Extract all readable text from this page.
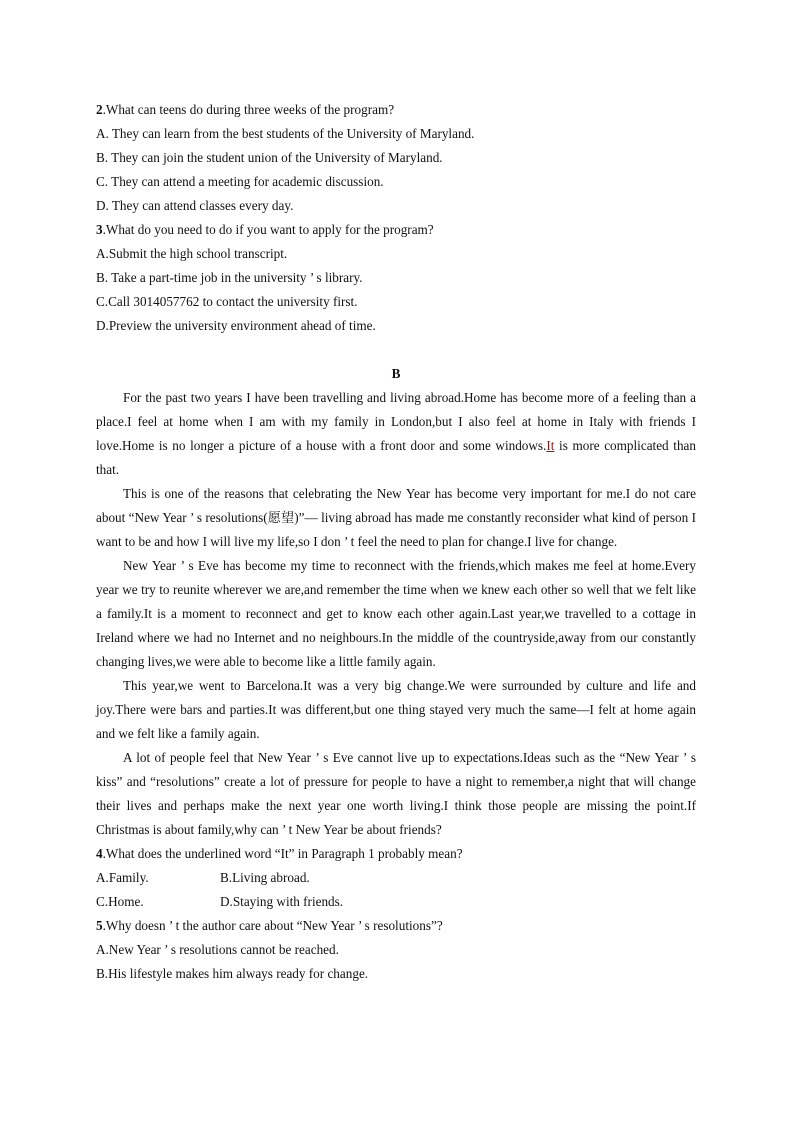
2.What can teens do during three weeks of the program?

A. They can learn from the best students of the University of Maryland.

B. They can join the student union of the University of Maryland.

C. They can attend a meeting for academic discussion.

D. They can attend classes every day.

3.What do you need to do if you want to apply for the program?

A.Submit the high school transcript.

B. Take a part-time job in the university ’ s library.

C.Call 3014057762 to contact the university first.

D.Preview the university environment ahead of time.

B

For the past two years I have been travelling and living abroad.Home has become more of a feeling than a place.I feel at home when I am with my family in London,but I also feel at home in Italy with friends I love.Home is no longer a picture of a house with a front door and some windows.It is more complicated than that.

This is one of the reasons that celebrating the New Year has become very important for me.I do not care about “New Year ’ s resolutions(愿望)”— living abroad has made me constantly reconsider what kind of person I want to be and how I will live my life,so I don ’ t feel the need to plan for change.I live for change.

New Year ’ s Eve has become my time to reconnect with the friends,which makes me feel at home.Every year we try to reunite wherever we are,and remember the time when we knew each other so well that we felt like a family.It is a moment to reconnect and get to know each other again.Last year,we travelled to a cottage in Ireland where we had no Internet and no neighbours.In the middle of the countryside,away from our constantly changing lives,we were able to become like a little family again.

This year,we went to Barcelona.It was a very big change.We were surrounded by culture and life and joy.There were bars and parties.It was different,but one thing stayed very much the same—I felt at home again and we felt like a family again.

A lot of people feel that New Year ’ s Eve cannot live up to expectations.Ideas such as the “New Year ’ s kiss” and “resolutions” create a lot of pressure for people to have a night to remember,a night that will change their lives and perhaps make the next year one worth living.I think those people are missing the point.If Christmas is about family,why can ’ t New Year be about friends?

4.What does the underlined word “It” in Paragraph 1 probably mean?

A.Family.	B.Living abroad.
C.Home.	D.Staying with friends.

5.Why doesn ’ t the author care about “New Year ’ s resolutions”?

A.New Year ’ s resolutions cannot be reached.

B.His lifestyle makes him always ready for change.
